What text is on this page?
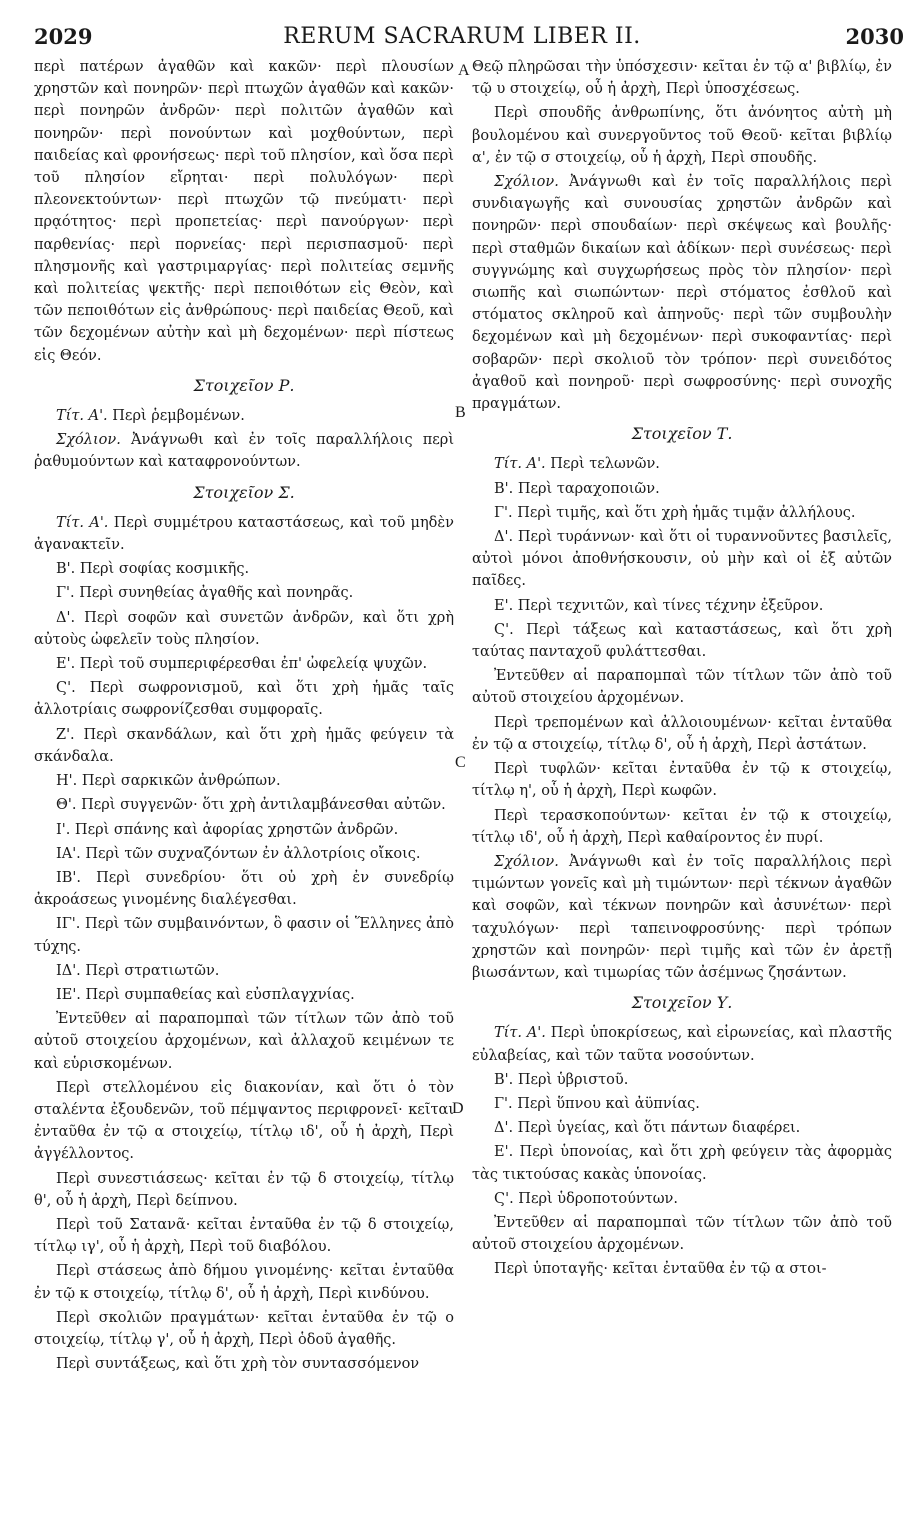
2029	RERUM SACRARUM LIBER II.	2030
A
B
C
D

περὶ πατέρων ἀγαθῶν καὶ κακῶν· περὶ πλουσίων χρηστῶν καὶ πονηρῶν· περὶ πτωχῶν ἀγαθῶν καὶ κακῶν· περὶ πονηρῶν ἀνδρῶν· περὶ πολιτῶν ἀγαθῶν καὶ πονηρῶν· περὶ πονούντων καὶ μοχθούντων, περὶ παιδείας καὶ φρονήσεως· περὶ τοῦ πλησίον, καὶ ὅσα περὶ τοῦ πλησίον εἴρηται· περὶ πολυλόγων· περὶ πλεονεκτούντων· περὶ πτωχῶν τῷ πνεύματι· περὶ πρᾳότητος· περὶ προπετείας· περὶ πανούργων· περὶ παρθενίας· περὶ πορνείας· περὶ περισπασμοῦ· περὶ πλησμονῆς καὶ γαστριμαργίας· περὶ πολιτείας σεμνῆς καὶ πολιτείας ψεκτῆς· περὶ πεποιθότων εἰς Θεὸν, καὶ τῶν πεποιθότων εἰς ἀνθρώπους· περὶ παιδείας Θεοῦ, καὶ τῶν δεχομένων αὐτὴν καὶ μὴ δεχομένων· περὶ πίστεως εἰς Θεόν.

Στοιχεῖον Ρ.

Τίτ. Α'. Περὶ ῥεμβομένων.

Σχόλιον. Ἀνάγνωθι καὶ ἐν τοῖς παραλλήλοις περὶ ῥαθυμούντων καὶ καταφρονούντων.

Στοιχεῖον Σ.

Τίτ. Α'. Περὶ συμμέτρου καταστάσεως, καὶ τοῦ μηδὲν ἀγανακτεῖν.

Β'. Περὶ σοφίας κοσμικῆς.

Γ'. Περὶ συνηθείας ἀγαθῆς καὶ πονηρᾶς.

Δ'. Περὶ σοφῶν καὶ συνετῶν ἀνδρῶν, καὶ ὅτι χρὴ αὐτοὺς ὠφελεῖν τοὺς πλησίον.

Ε'. Περὶ τοῦ συμπεριφέρεσθαι ἐπ' ὠφελείᾳ ψυχῶν.

Ϛ'. Περὶ σωφρονισμοῦ, καὶ ὅτι χρὴ ἡμᾶς ταῖς ἀλλοτρίαις σωφρονίζεσθαι συμφοραῖς.

Ζ'. Περὶ σκανδάλων, καὶ ὅτι χρὴ ἡμᾶς φεύγειν τὰ σκάνδαλα.

Η'. Περὶ σαρκικῶν ἀνθρώπων.

Θ'. Περὶ συγγενῶν· ὅτι χρὴ ἀντιλαμβάνεσθαι αὐτῶν.

Ι'. Περὶ σπάνης καὶ ἀφορίας χρηστῶν ἀνδρῶν.

ΙΑ'. Περὶ τῶν συχναζόντων ἐν ἀλλοτρίοις οἴκοις.

ΙΒ'. Περὶ συνεδρίου· ὅτι οὐ χρὴ ἐν συνεδρίῳ ἀκροάσεως γινομένης διαλέγεσθαι.

ΙΓ'. Περὶ τῶν συμβαινόντων, ὃ φασιν οἱ Ἕλληνες ἀπὸ τύχης.

ΙΔ'. Περὶ στρατιωτῶν.

ΙΕ'. Περὶ συμπαθείας καὶ εὐσπλαγχνίας.

Ἐντεῦθεν αἱ παραπομπαὶ τῶν τίτλων τῶν ἀπὸ τοῦ αὐτοῦ στοιχείου ἀρχομένων, καὶ ἀλλαχοῦ κειμένων τε καὶ εὑρισκομένων.

Περὶ στελλομένου εἰς διακονίαν, καὶ ὅτι ὁ τὸν σταλέντα ἐξουδενῶν, τοῦ πέμψαντος περιφρονεῖ· κεῖται ἐνταῦθα ἐν τῷ α στοιχείῳ, τίτλῳ ιδ', οὗ ἡ ἀρχὴ, Περὶ ἀγγέλλοντος.

Περὶ συνεστιάσεως· κεῖται ἐν τῷ δ στοιχείῳ, τίτλῳ θ', οὗ ἡ ἀρχὴ, Περὶ δείπνου.

Περὶ τοῦ Σατανᾶ· κεῖται ἐνταῦθα ἐν τῷ δ στοιχείῳ, τίτλῳ ιγ', οὗ ἡ ἀρχὴ, Περὶ τοῦ διαβόλου.

Περὶ στάσεως ἀπὸ δήμου γινομένης· κεῖται ἐνταῦθα ἐν τῷ κ στοιχείῳ, τίτλῳ δ', οὗ ἡ ἀρχὴ, Περὶ κινδύνου.

Περὶ σκολιῶν πραγμάτων· κεῖται ἐνταῦθα ἐν τῷ ο στοιχείῳ, τίτλῳ γ', οὗ ἡ ἀρχὴ, Περὶ ὁδοῦ ἀγαθῆς.

Περὶ συντάξεως, καὶ ὅτι χρὴ τὸν συντασσόμενον

Θεῷ πληρῶσαι τὴν ὑπόσχεσιν· κεῖται ἐν τῷ α' βιβλίῳ, ἐν τῷ υ στοιχείῳ, οὗ ἡ ἀρχὴ, Περὶ ὑποσχέσεως.

Περὶ σπουδῆς ἀνθρωπίνης, ὅτι ἀνόνητος αὐτὴ μὴ βουλομένου καὶ συνεργοῦντος τοῦ Θεοῦ· κεῖται βιβλίῳ α', ἐν τῷ σ στοιχείῳ, οὗ ἡ ἀρχὴ, Περὶ σπουδῆς.

Σχόλιον. Ἀνάγνωθι καὶ ἐν τοῖς παραλλήλοις περὶ συνδιαγωγῆς καὶ συνουσίας χρηστῶν ἀνδρῶν καὶ πονηρῶν· περὶ σπουδαίων· περὶ σκέψεως καὶ βουλῆς· περὶ σταθμῶν δικαίων καὶ ἀδίκων· περὶ συνέσεως· περὶ συγγνώμης καὶ συγχωρήσεως πρὸς τὸν πλησίον· περὶ σιωπῆς καὶ σιωπώντων· περὶ στόματος ἐσθλοῦ καὶ στόματος σκληροῦ καὶ ἀπηνοῦς· περὶ τῶν συμβουλὴν δεχομένων καὶ μὴ δεχομένων· περὶ συκοφαντίας· περὶ σοβαρῶν· περὶ σκολιοῦ τὸν τρόπον· περὶ συνειδότος ἀγαθοῦ καὶ πονηροῦ· περὶ σωφροσύνης· περὶ συνοχῆς πραγμάτων.

Στοιχεῖον Τ.

Τίτ. Α'. Περὶ τελωνῶν.

Β'. Περὶ ταραχοποιῶν.

Γ'. Περὶ τιμῆς, καὶ ὅτι χρὴ ἡμᾶς τιμᾷν ἀλλήλους.

Δ'. Περὶ τυράννων· καὶ ὅτι οἱ τυραννοῦντες βασιλεῖς, αὐτοὶ μόνοι ἀποθνήσκουσιν, οὐ μὴν καὶ οἱ ἐξ αὐτῶν παῖδες.

Ε'. Περὶ τεχνιτῶν, καὶ τίνες τέχνην ἐξεῦρον.

Ϛ'. Περὶ τάξεως καὶ καταστάσεως, καὶ ὅτι χρὴ ταύτας πανταχοῦ φυλάττεσθαι.

Ἐντεῦθεν αἱ παραπομπαὶ τῶν τίτλων τῶν ἀπὸ τοῦ αὐτοῦ στοιχείου ἀρχομένων.

Περὶ τρεπομένων καὶ ἀλλοιουμένων· κεῖται ἐνταῦθα ἐν τῷ α στοιχείῳ, τίτλῳ δ', οὗ ἡ ἀρχὴ, Περὶ ἀστάτων.

Περὶ τυφλῶν· κεῖται ἐνταῦθα ἐν τῷ κ στοιχείῳ, τίτλῳ η', οὗ ἡ ἀρχὴ, Περὶ κωφῶν.

Περὶ τερασκοπούντων· κεῖται ἐν τῷ κ στοιχείῳ, τίτλῳ ιδ', οὗ ἡ ἀρχὴ, Περὶ καθαίροντος ἐν πυρί.

Σχόλιον. Ἀνάγνωθι καὶ ἐν τοῖς παραλλήλοις περὶ τιμώντων γονεῖς καὶ μὴ τιμώντων· περὶ τέκνων ἀγαθῶν καὶ σοφῶν, καὶ τέκνων πονηρῶν καὶ ἀσυνέτων· περὶ ταχυλόγων· περὶ ταπεινοφροσύνης· περὶ τρόπων χρηστῶν καὶ πονηρῶν· περὶ τιμῆς καὶ τῶν ἐν ἀρετῇ βιωσάντων, καὶ τιμωρίας τῶν ἀσέμνως ζησάντων.

Στοιχεῖον Υ.

Τίτ. Α'. Περὶ ὑποκρίσεως, καὶ εἰρωνείας, καὶ πλαστῆς εὐλαβείας, καὶ τῶν ταῦτα νοσούντων.

Β'. Περὶ ὑβριστοῦ.

Γ'. Περὶ ὕπνου καὶ ἀϋπνίας.

Δ'. Περὶ ὑγείας, καὶ ὅτι πάντων διαφέρει.

Ε'. Περὶ ὑπονοίας, καὶ ὅτι χρὴ φεύγειν τὰς ἀφορμὰς τὰς τικτούσας κακὰς ὑπονοίας.

Ϛ'. Περὶ ὑδροποτούντων.

Ἐντεῦθεν αἱ παραπομπαὶ τῶν τίτλων τῶν ἀπὸ τοῦ αὐτοῦ στοιχείου ἀρχομένων.

Περὶ ὑποταγῆς· κεῖται ἐνταῦθα ἐν τῷ α στοι-
